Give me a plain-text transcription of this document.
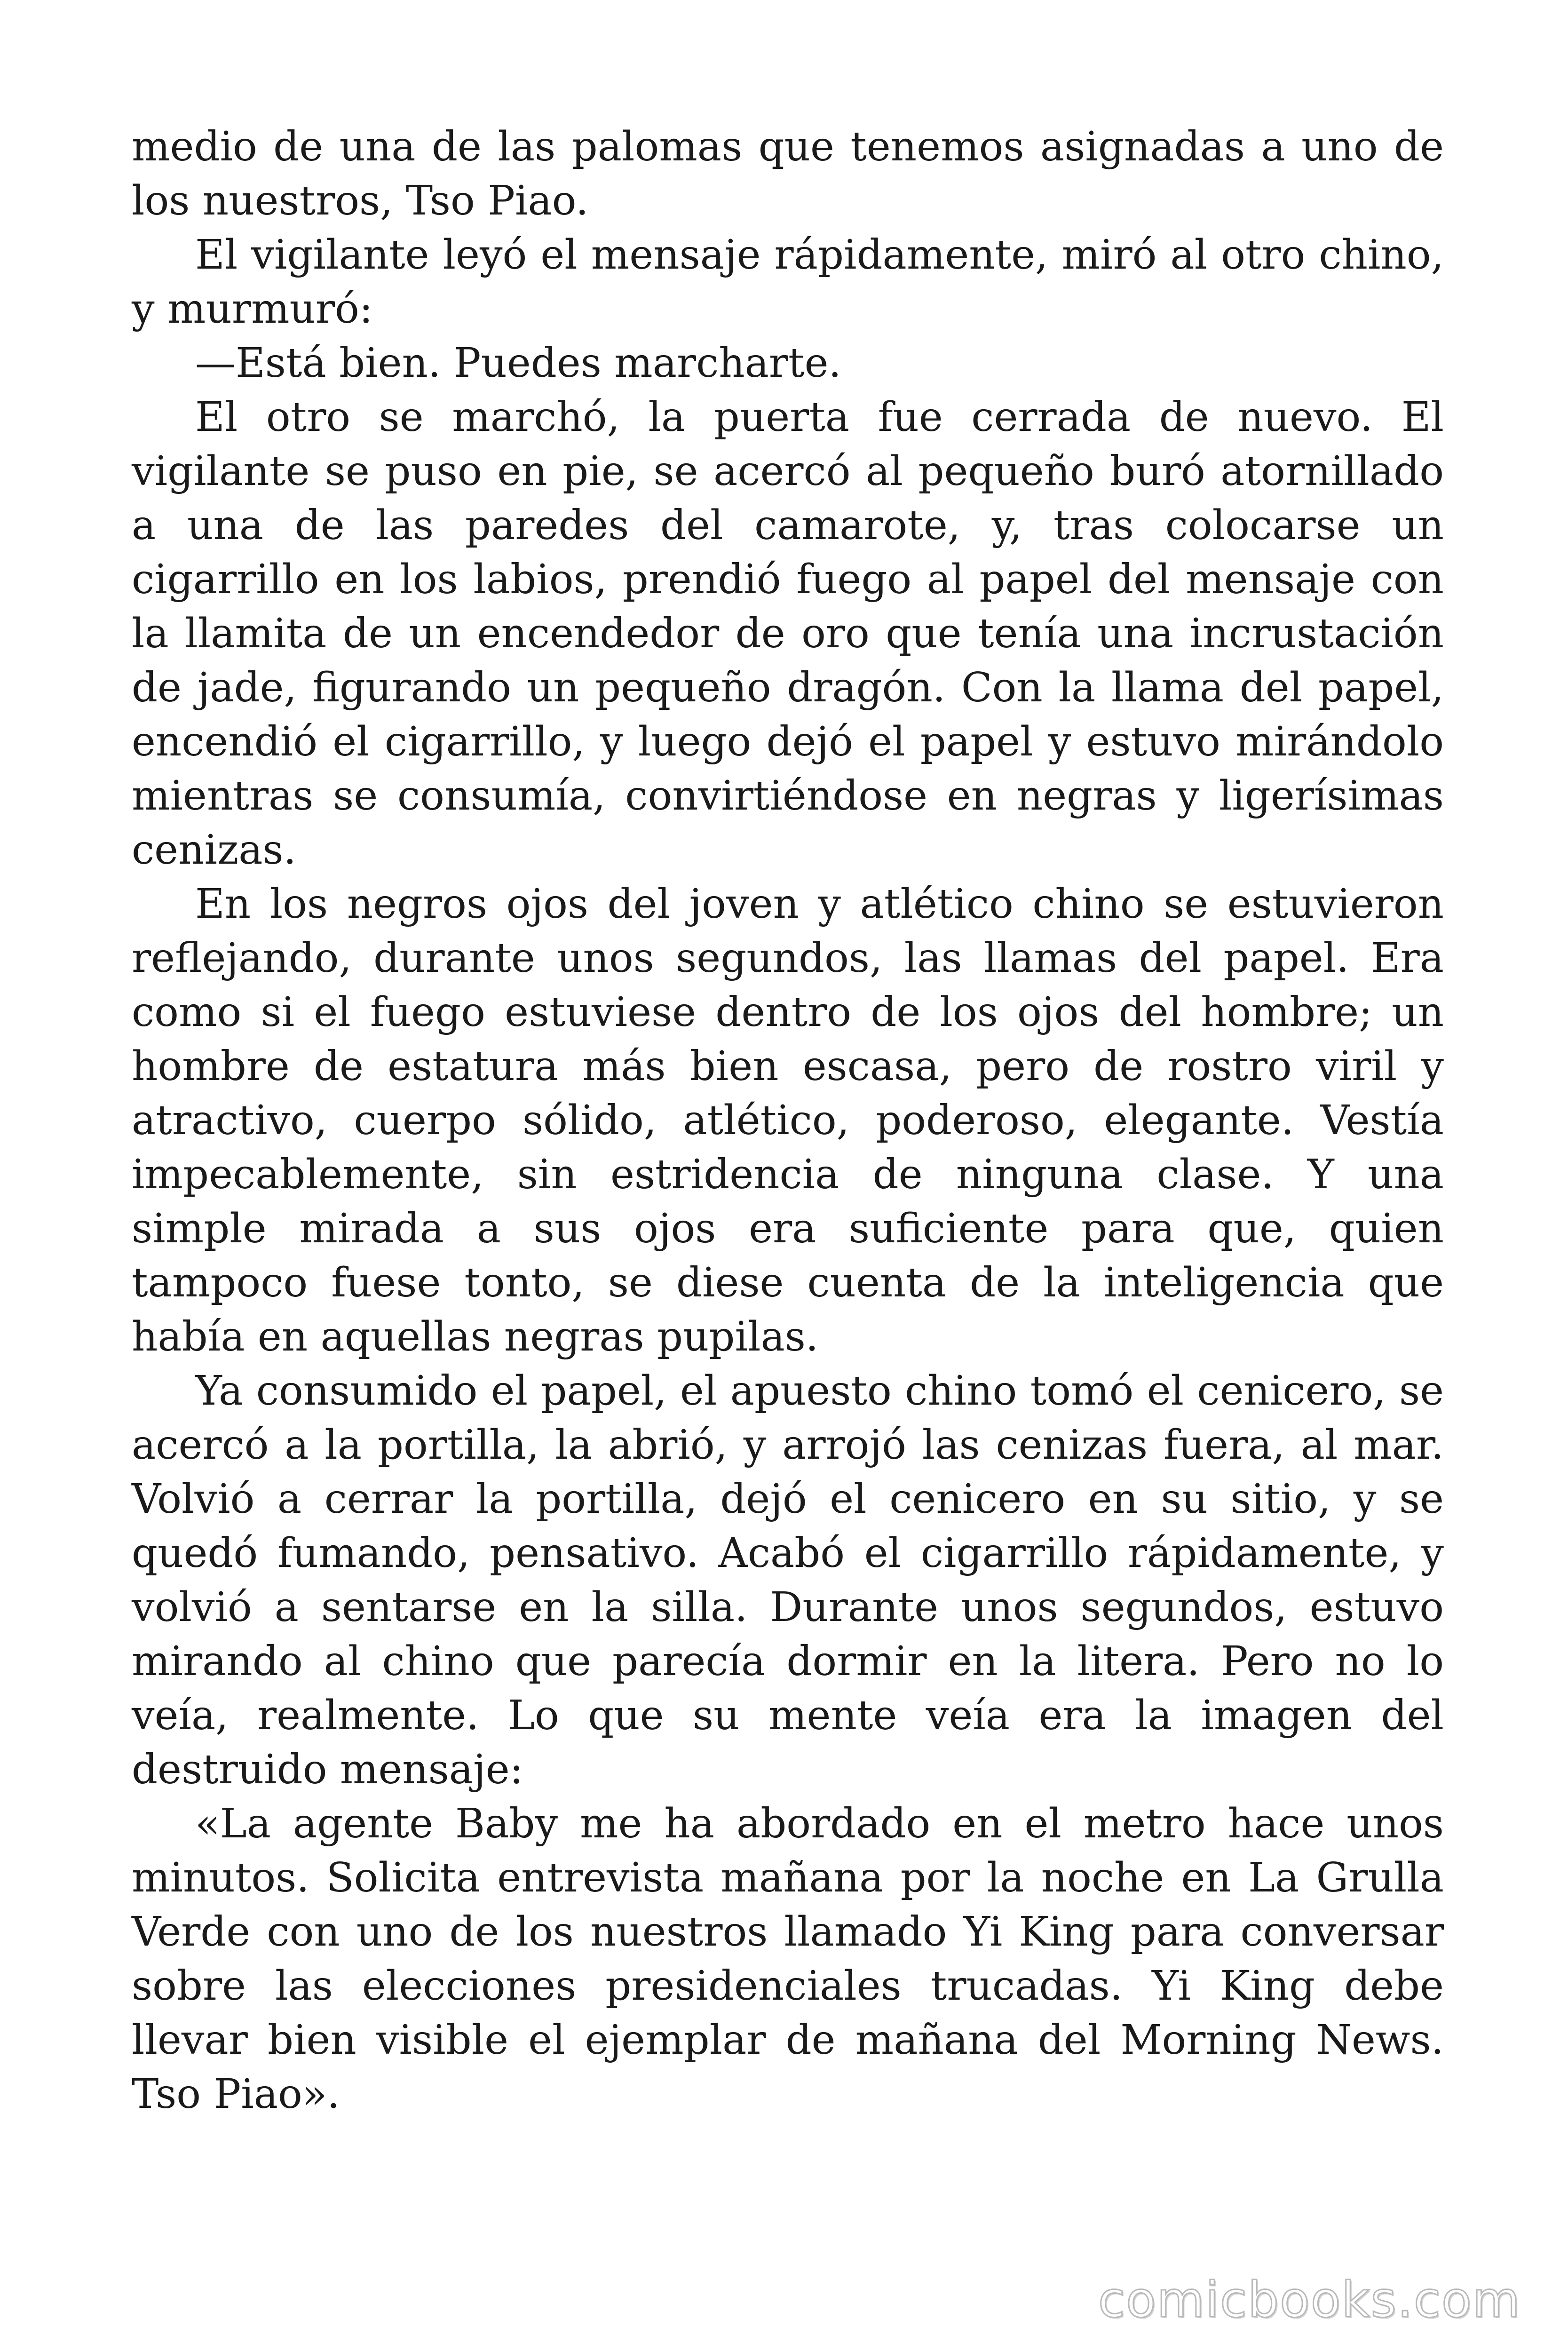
medio de una de las palomas que tenemos asignadas a uno de los nuestros, Tso Piao.

El vigilante leyó el mensaje rápidamente, miró al otro chino, y murmuró:

—Está bien. Puedes marcharte.

El otro se marchó, la puerta fue cerrada de nuevo. El vigilante se puso en pie, se acercó al pequeño buró atornillado a una de las paredes del camarote, y, tras colocarse un cigarrillo en los labios, prendió fuego al papel del mensaje con la llamita de un encendedor de oro que tenía una incrustación de jade, figurando un pequeño dragón. Con la llama del papel, encendió el cigarrillo, y luego dejó el papel y estuvo mirándolo mientras se consumía, convirtiéndose en negras y ligerísimas cenizas.

En los negros ojos del joven y atlético chino se estuvieron reflejando, durante unos segundos, las llamas del papel. Era como si el fuego estuviese dentro de los ojos del hombre; un hombre de estatura más bien escasa, pero de rostro viril y atractivo, cuerpo sólido, atlético, poderoso, elegante. Vestía impecablemente, sin estridencia de ninguna clase. Y una simple mirada a sus ojos era suficiente para que, quien tampoco fuese tonto, se diese cuenta de la inteligencia que había en aquellas negras pupilas.

Ya consumido el papel, el apuesto chino tomó el cenicero, se acercó a la portilla, la abrió, y arrojó las cenizas fuera, al mar. Volvió a cerrar la portilla, dejó el cenicero en su sitio, y se quedó fumando, pensativo. Acabó el cigarrillo rápidamente, y volvió a sentarse en la silla. Durante unos segundos, estuvo mirando al chino que parecía dormir en la litera. Pero no lo veía, realmente. Lo que su mente veía era la imagen del destruido mensaje:

«La agente Baby me ha abordado en el metro hace unos minutos. Solicita entrevista mañana por la noche en La Grulla Verde con uno de los nuestros llamado Yi King para conversar sobre las elecciones presidenciales trucadas. Yi King debe llevar bien visible el ejemplar de mañana del Morning News. Tso Piao».

comicbooks.com
